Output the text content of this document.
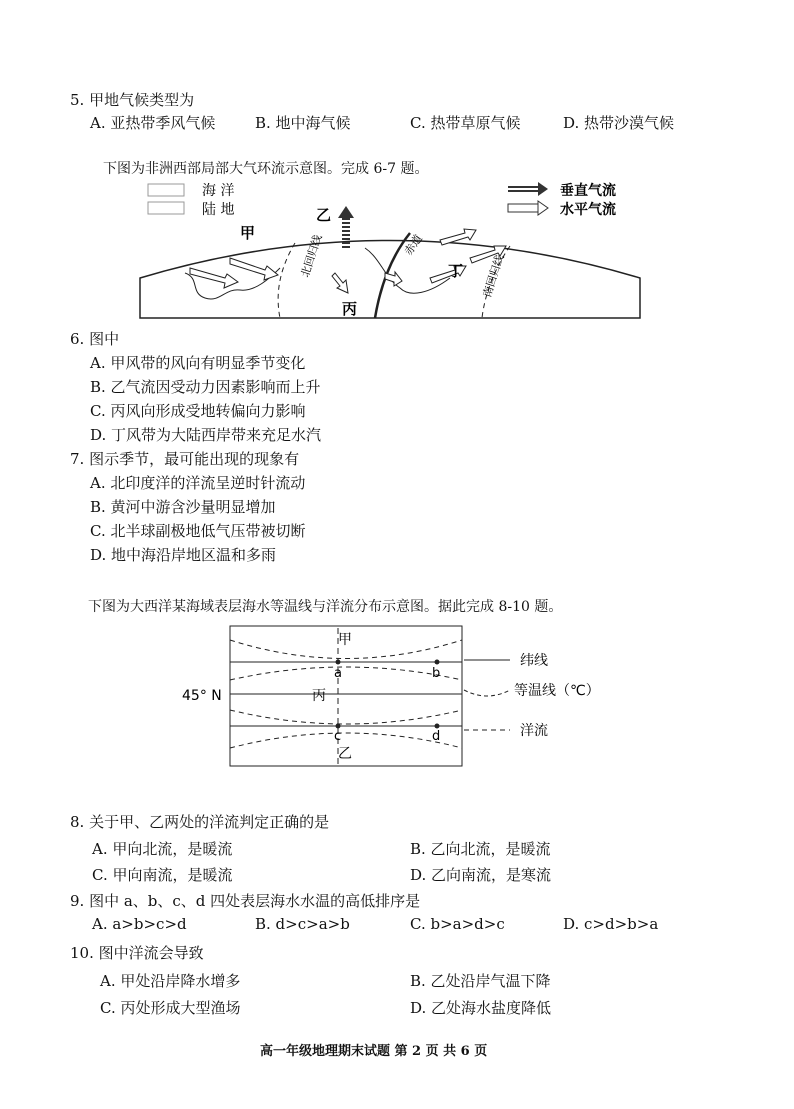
5. 甲地气候类型为
A. 亚热带季风气候	B. 地中海气候	C. 热带草原气候	D. 热带沙漠气候
下图为非洲西部局部大气环流示意图。完成 6-7 题。
海 洋
陆 地
垂直气流
水平气流
北回归线	赤道
南回归线
乙
甲
丙
丁
6. 图中
A. 甲风带的风向有明显季节变化
B. 乙气流因受动力因素影响而上升
C. 丙风向形成受地转偏向力影响
D. 丁风带为大陆西岸带来充足水汽
7. 图示季节，最可能出现的现象有
A. 北印度洋的洋流呈逆时针流动
B. 黄河中游含沙量明显增加
C. 北半球副极地低气压带被切断
D. 地中海沿岸地区温和多雨
下图为大西洋某海域表层海水等温线与洋流分布示意图。据此完成 8-10 题。
a	b
c	d
甲
乙
丙
45° N
纬线
等温线（℃）
洋流
8. 关于甲、乙两处的洋流判定正确的是
A. 甲向北流，是暖流	B. 乙向北流，是暖流
C. 甲向南流，是暖流	D. 乙向南流，是寒流
9. 图中 a、b、c、d 四处表层海水水温的高低排序是
A. a>b>c>d	B. d>c>a>b	C. b>a>d>c	D. c>d>b>a
10. 图中洋流会导致
A. 甲处沿岸降水增多	B. 乙处沿岸气温下降
C. 丙处形成大型渔场	D. 乙处海水盐度降低
高一年级地理期末试题 第 2 页 共 6 页
